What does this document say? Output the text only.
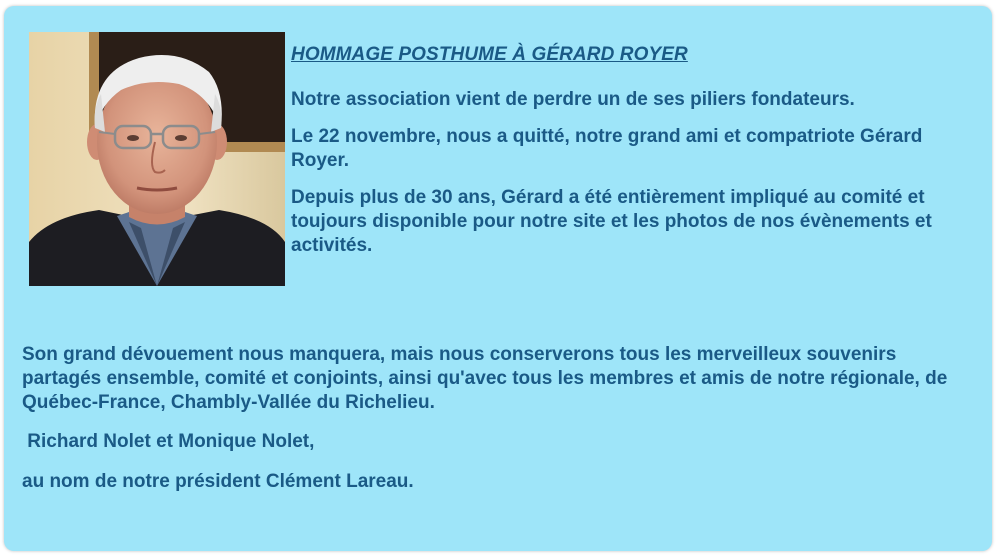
HOMMAGE POSTHUME À GÉRARD ROYER

Notre association vient de perdre un de ses piliers fondateurs.

Le 22 novembre, nous a quitté, notre grand ami et compatriote Gérard Royer.

Depuis plus de 30 ans, Gérard a été entièrement impliqué au comité et toujours disponible pour notre site et les photos de nos évènements et activités.

Son grand dévouement nous manquera, mais nous conserverons tous les merveilleux souvenirs partagés ensemble, comité et conjoints, ainsi qu'avec tous les membres et amis de notre régionale, de Québec-France, Chambly-Vallée du Richelieu.

Richard Nolet et Monique Nolet,

au nom de notre président Clément Lareau.
